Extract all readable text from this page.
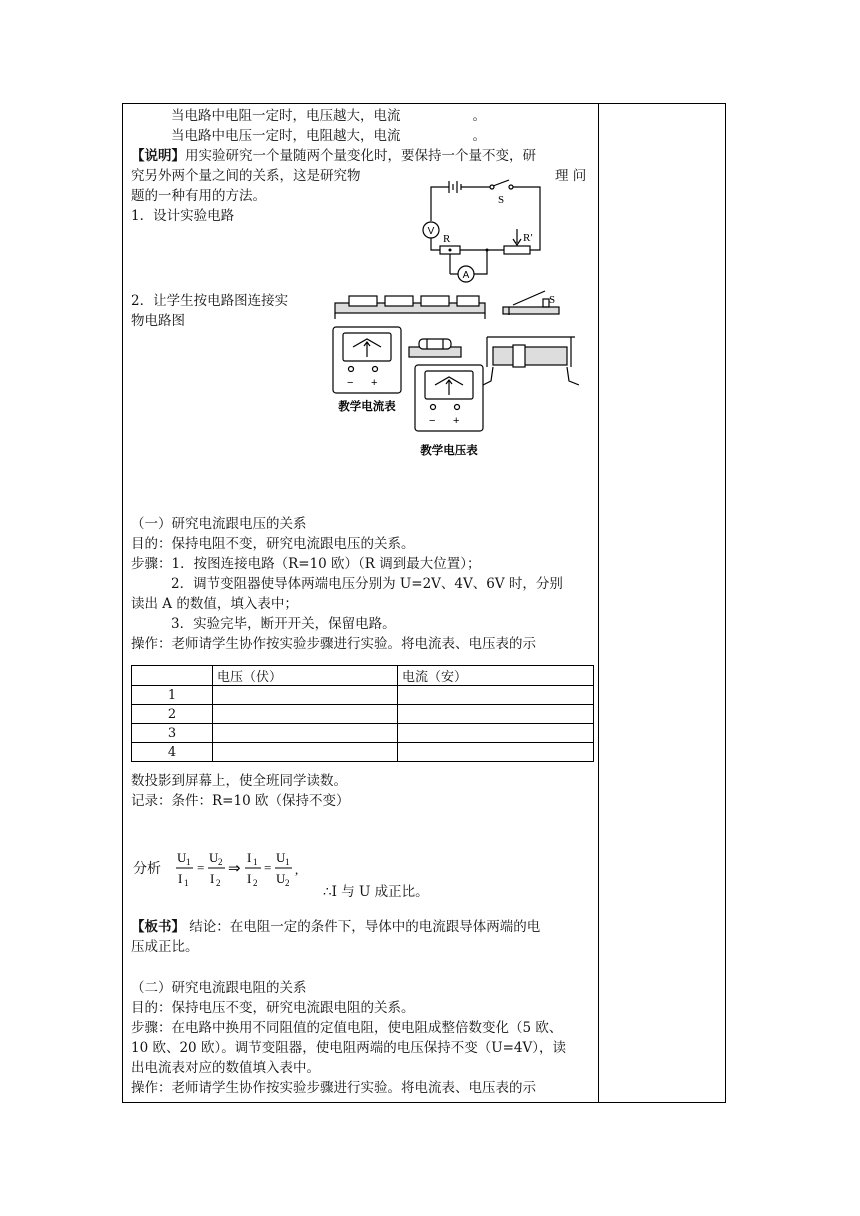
当电路中电阻一定时，电压越大，电流	。
当电路中电压一定时，电阻越大，电流	。
【说明】用实验研究一个量随两个量变化时，要保持一个量不变，研
究另外两个量之间的关系，这是研究物	理 问
题的一种有用的方法。
1．设计实验电路
2．让学生按电路图连接实
物电路图
V
A
S
R	R′
S
− +
− +
教学电流表
教学电压表
（一）研究电流跟电压的关系
目的：保持电阻不变，研究电流跟电压的关系。
步骤：1．按图连接电路（R=10 欧）（R 调到最大位置）；
2．调节变阻器使导体两端电压分别为 U=2V、4V、6V 时，分别
读出 A 的数值，填入表中；
3．实验完毕，断开开关，保留电路。
操作：老师请学生协作按实验步骤进行实验。将电流表、电压表的示
	电压（伏）	电流（安）
1		
2		
3		
4		
数投影到屏幕上，使全班同学读数。
记录：条件：R=10 欧（保持不变）
分析
U 1
I 1
=
U 2
I 2
⇒
I 1
I 2
=
U 1
U 2
,
∴I 与 U 成正比。
【板书】 结论：在电阻一定的条件下，导体中的电流跟导体两端的电
压成正比。
（二）研究电流跟电阻的关系
目的：保持电压不变，研究电流跟电阻的关系。
步骤：在电路中换用不同阻值的定值电阻，使电阻成整倍数变化（5 欧、
10 欧、20 欧）。调节变阻器，使电阻两端的电压保持不变（U=4V），读
出电流表对应的数值填入表中。
操作：老师请学生协作按实验步骤进行实验。将电流表、电压表的示
